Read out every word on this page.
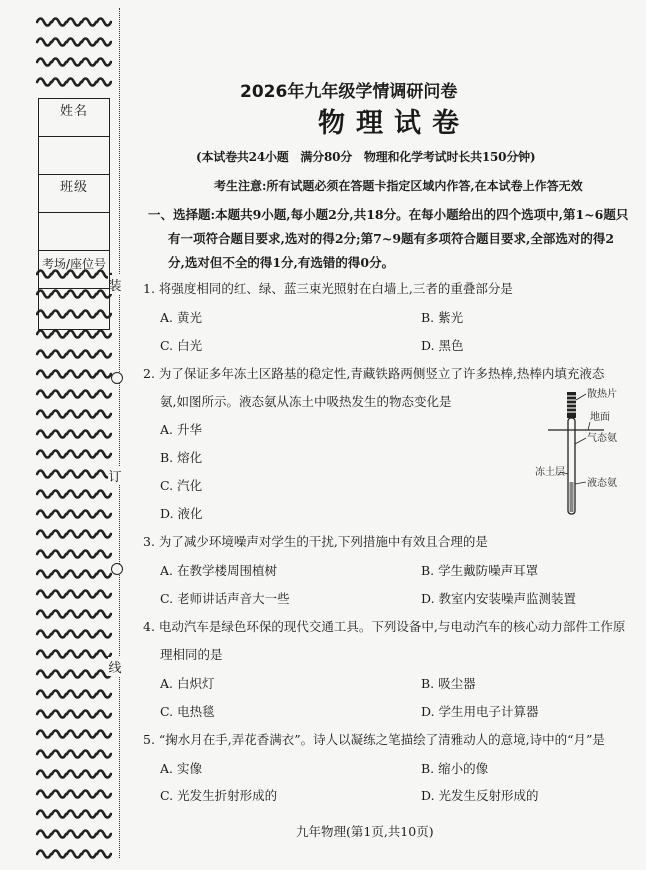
装
订
线
姓名
班级
考场/座位号
2026年九年级学情调研问卷
物理试卷
(本试卷共24小题　满分80分　物理和化学考试时长共150分钟)
考生注意:所有试题必须在答题卡指定区域内作答,在本试卷上作答无效
一、选择题:本题共9小题,每小题2分,共18分。在每小题给出的四个选项中,第1~6题只
有一项符合题目要求,选对的得2分;第7~9题有多项符合题目要求,全部选对的得2
分,选对但不全的得1分,有选错的得0分。
1. 将强度相同的红、绿、蓝三束光照射在白墙上,三者的重叠部分是
A. 黄光	B. 紫光
C. 白光	D. 黑色
2. 为了保证多年冻土区路基的稳定性,青藏铁路两侧竖立了许多热棒,热棒内填充液态
氨,如图所示。液态氨从冻土中吸热发生的物态变化是
A. 升华
B. 熔化
C. 汽化
D. 液化
散热片
地面
气态氨
冻土层
液态氨
3. 为了减少环境噪声对学生的干扰,下列措施中有效且合理的是
A. 在教学楼周围植树	B. 学生戴防噪声耳罩
C. 老师讲话声音大一些	D. 教室内安装噪声监测装置
4. 电动汽车是绿色环保的现代交通工具。下列设备中,与电动汽车的核心动力部件工作原
理相同的是
A. 白炽灯	B. 吸尘器
C. 电热毯	D. 学生用电子计算器
5. “掬水月在手,弄花香满衣”。诗人以凝练之笔描绘了清雅动人的意境,诗中的“月”是
A. 实像	B. 缩小的像
C. 光发生折射形成的	D. 光发生反射形成的
九年物理(第1页,共10页)
